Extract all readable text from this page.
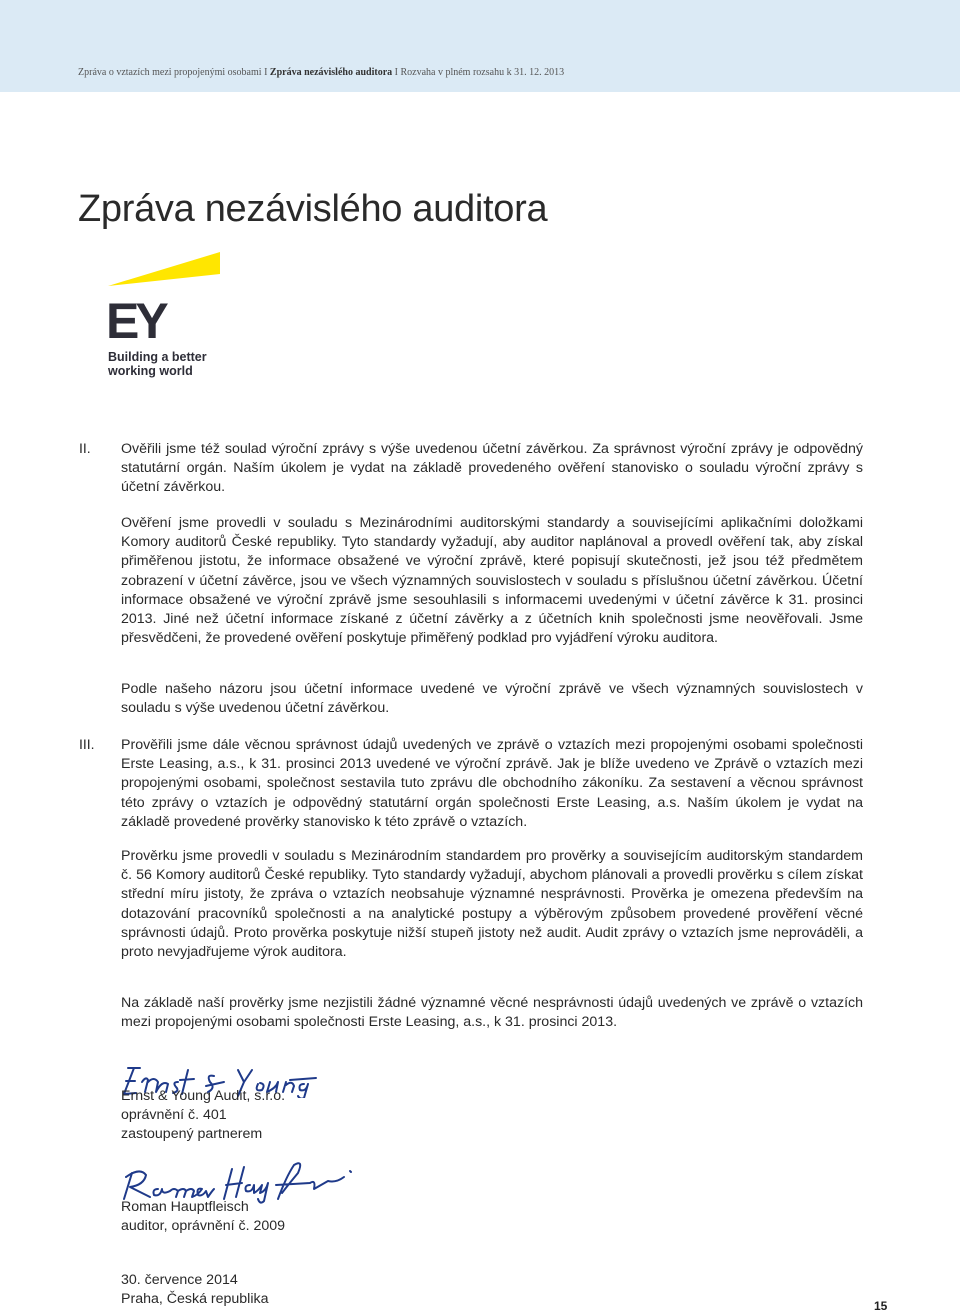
Zpráva o vztazích mezi propojenými osobami I Zpráva nezávislého auditora I Rozvaha v plném rozsahu k 31. 12. 2013
Zpráva nezávislého auditora
EY
Building a better working world
II. Ověřili jsme též soulad výroční zprávy s výše uvedenou účetní závěrkou. Za správnost výroční zprávy je odpovědný statutární orgán. Naším úkolem je vydat na základě provedeného ověření stanovisko o souladu výroční zprávy s účetní závěrkou.

Ověření jsme provedli v souladu s Mezinárodními auditorskými standardy a souvisejícími aplikačními doložkami Komory auditorů České republiky. Tyto standardy vyžadují, aby auditor naplánoval a provedl ověření tak, aby získal přiměřenou jistotu, že informace obsažené ve výroční zprávě, které popisují skutečnosti, jež jsou též předmětem zobrazení v účetní závěrce, jsou ve všech významných souvislostech v souladu s příslušnou účetní závěrkou. Účetní informace obsažené ve výroční zprávě jsme sesouhlasili s informacemi uvedenými v účetní závěrce k 31. prosinci 2013. Jiné než účetní informace získané z účetní závěrky a z účetních knih společnosti jsme neověřovali. Jsme přesvědčeni, že provedené ověření poskytuje přiměřený podklad pro vyjádření výroku auditora.

Podle našeho názoru jsou účetní informace uvedené ve výroční zprávě ve všech významných souvislostech v souladu s výše uvedenou účetní závěrkou.

III. Prověřili jsme dále věcnou správnost údajů uvedených ve zprávě o vztazích mezi propojenými osobami společnosti Erste Leasing, a.s., k 31. prosinci 2013 uvedené ve výroční zprávě. Jak je blíže uvedeno ve Zprávě o vztazích mezi propojenými osobami, společnost sestavila tuto zprávu dle obchodního zákoníku. Za sestavení a věcnou správnost této zprávy o vztazích je odpovědný statutární orgán společnosti Erste Leasing, a.s. Naším úkolem je vydat na základě provedené prověrky stanovisko k této zprávě o vztazích.

Prověrku jsme provedli v souladu s Mezinárodním standardem pro prověrky a souvisejícím auditorským standardem č. 56 Komory auditorů České republiky. Tyto standardy vyžadují, abychom plánovali a provedli prověrku s cílem získat střední míru jistoty, že zpráva o vztazích neobsahuje významné nesprávnosti. Prověrka je omezena především na dotazování pracovníků společnosti a na analytické postupy a výběrovým způsobem provedené prověření věcné správnosti údajů. Proto prověrka poskytuje nižší stupeň jistoty než audit. Audit zprávy o vztazích jsme neprováděli, a proto nevyjadřujeme výrok auditora.

Na základě naší prověrky jsme nezjistili žádné významné věcné nesprávnosti údajů uvedených ve zprávě o vztazích mezi propojenými osobami společnosti Erste Leasing, a.s., k 31. prosinci 2013.

Ernst & Young Audit, s.r.o.
oprávnění č. 401
zastoupený partnerem
Roman Hauptfleisch
auditor, oprávnění č. 2009
30. července 2014
Praha, Česká republika	15
